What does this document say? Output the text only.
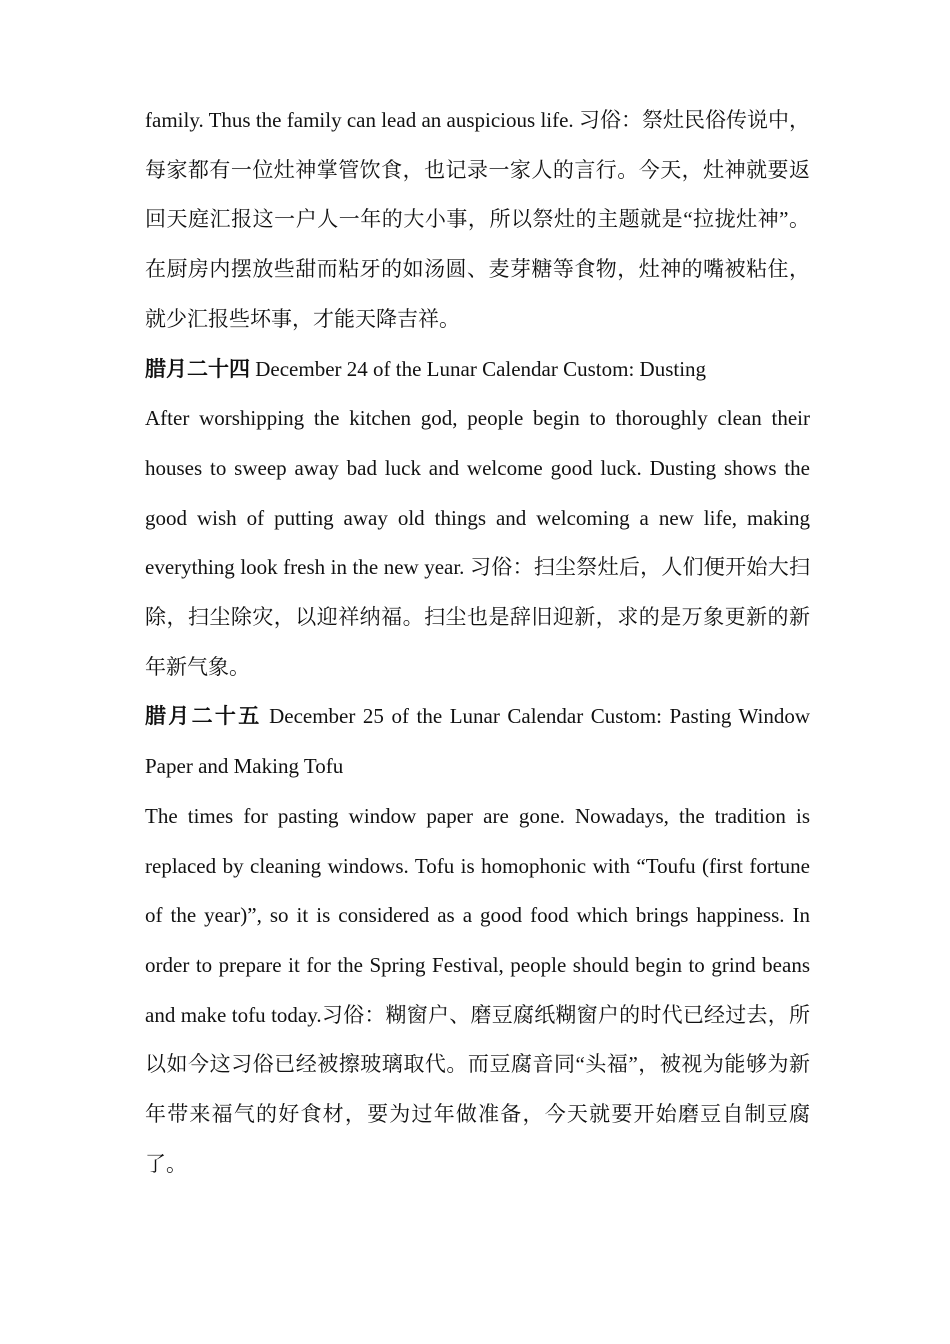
family. Thus the family can lead an auspicious life. 习俗：祭灶民俗传说中，每家都有一位灶神掌管饮食，也记录一家人的言行。今天，灶神就要返回天庭汇报这一户人一年的大小事，所以祭灶的主题就是“拉拢灶神”。在厨房内摆放些甜而粘牙的如汤圆、麦芽糖等食物，灶神的嘴被粘住，就少汇报些坏事，才能天降吉祥。

腊月二十四 December 24 of the Lunar Calendar Custom: Dusting

After worshipping the kitchen god, people begin to thoroughly clean their houses to sweep away bad luck and welcome good luck. Dusting shows the good wish of putting away old things and welcoming a new life, making everything look fresh in the new year. 习俗：扫尘祭灶后，人们便开始大扫除，扫尘除灾，以迎祥纳福。扫尘也是辞旧迎新，求的是万象更新的新年新气象。

腊月二十五 December 25 of the Lunar Calendar Custom: Pasting Window Paper and Making Tofu

The times for pasting window paper are gone. Nowadays, the tradition is replaced by cleaning windows. Tofu is homophonic with “Toufu (first fortune of the year)”, so it is considered as a good food which brings happiness. In order to prepare it for the Spring Festival, people should begin to grind beans and make tofu today.习俗：糊窗户、磨豆腐纸糊窗户的时代已经过去，所以如今这习俗已经被擦玻璃取代。而豆腐音同“头福”，被视为能够为新年带来福气的好食材，要为过年做准备，今天就要开始磨豆自制豆腐了。
